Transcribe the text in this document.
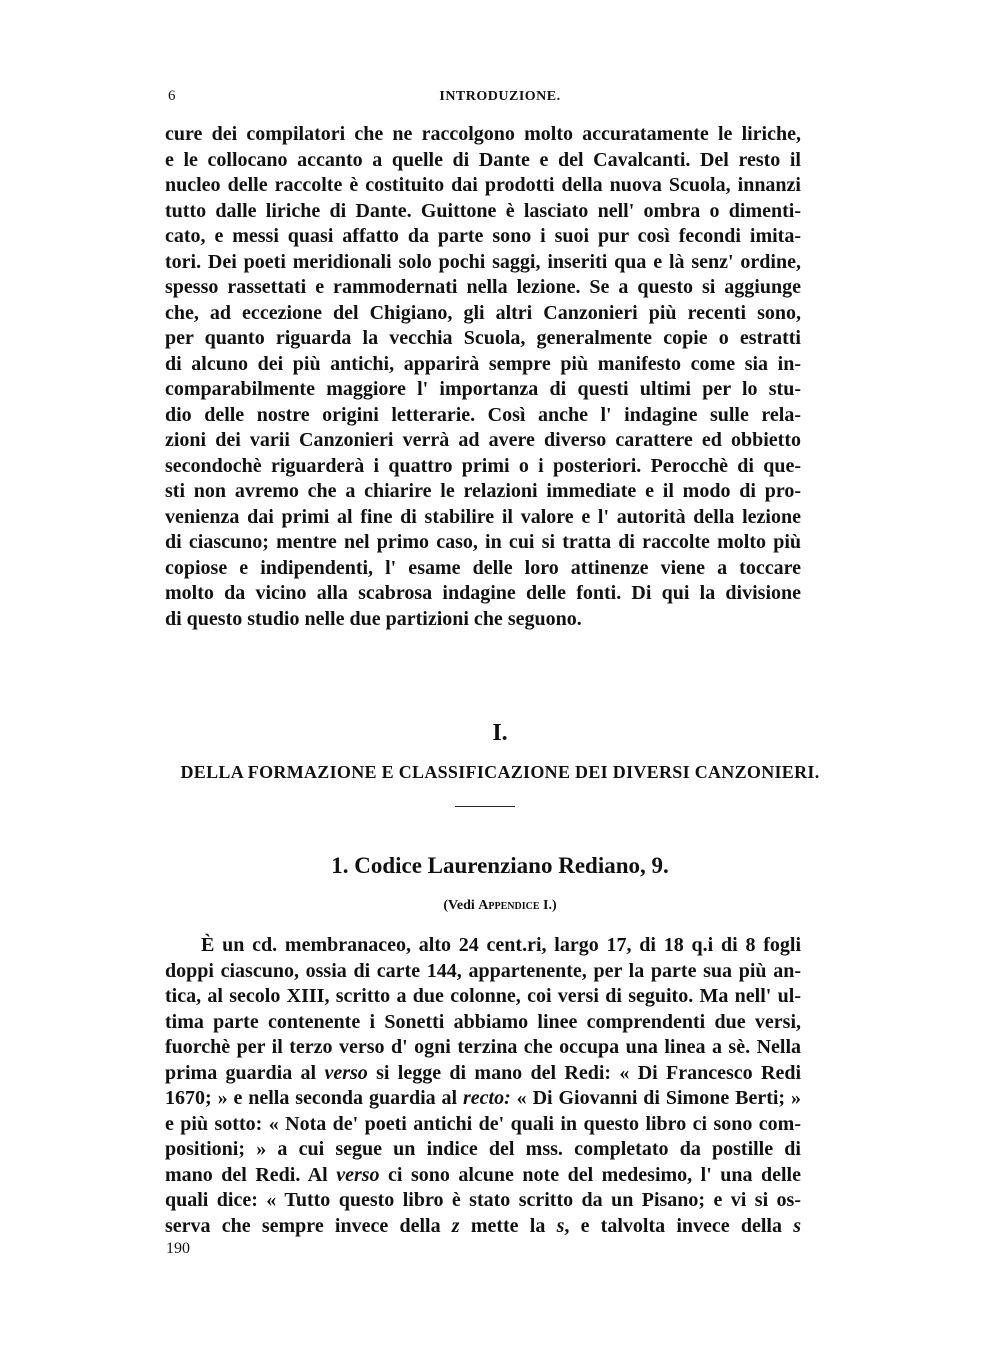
6	INTRODUZIONE.
cure dei compilatori che ne raccolgono molto accuratamente le liriche,
e le collocano accanto a quelle di Dante e del Cavalcanti. Del resto il
nucleo delle raccolte è costituito dai prodotti della nuova Scuola, innanzi
tutto dalle liriche di Dante. Guittone è lasciato nell' ombra o dimenti-
cato, e messi quasi affatto da parte sono i suoi pur così fecondi imita-
tori. Dei poeti meridionali solo pochi saggi, inseriti qua e là senz' ordine,
spesso rassettati e rammodernati nella lezione. Se a questo si aggiunge
che, ad eccezione del Chigiano, gli altri Canzonieri più recenti sono,
per quanto riguarda la vecchia Scuola, generalmente copie o estratti
di alcuno dei più antichi, apparirà sempre più manifesto come sia in-
comparabilmente maggiore l' importanza di questi ultimi per lo stu-
dio delle nostre origini letterarie. Così anche l' indagine sulle rela-
zioni dei varii Canzonieri verrà ad avere diverso carattere ed obbietto
secondochè riguarderà i quattro primi o i posteriori. Perocchè di que-
sti non avremo che a chiarire le relazioni immediate e il modo di pro-
venienza dai primi al fine di stabilire il valore e l' autorità della lezione
di ciascuno; mentre nel primo caso, in cui si tratta di raccolte molto più
copiose e indipendenti, l' esame delle loro attinenze viene a toccare
molto da vicino alla scabrosa indagine delle fonti. Di qui la divisione
di questo studio nelle due partizioni che seguono.
I.
DELLA FORMAZIONE E CLASSIFICAZIONE DEI DIVERSI CANZONIERI.
1. Codice Laurenziano Rediano, 9.
(Vedi Appendice I.)
È un cd. membranaceo, alto 24 cent.ri, largo 17, di 18 q.i di 8 fogli
doppi ciascuno, ossia di carte 144, appartenente, per la parte sua più an-
tica, al secolo XIII, scritto a due colonne, coi versi di seguito. Ma nell' ul-
tima parte contenente i Sonetti abbiamo linee comprendenti due versi,
fuorchè per il terzo verso d' ogni terzina che occupa una linea a sè. Nella
prima guardia al verso si legge di mano del Redi: « Di Francesco Redi
1670; » e nella seconda guardia al recto: « Di Giovanni di Simone Berti; »
e più sotto: « Nota de' poeti antichi de' quali in questo libro ci sono com-
positioni; » a cui segue un indice del mss. completato da postille di
mano del Redi. Al verso ci sono alcune note del medesimo, l' una delle
quali dice: « Tutto questo libro è stato scritto da un Pisano; e vi si os-
serva che sempre invece della z mette la s, e talvolta invece della s
190
